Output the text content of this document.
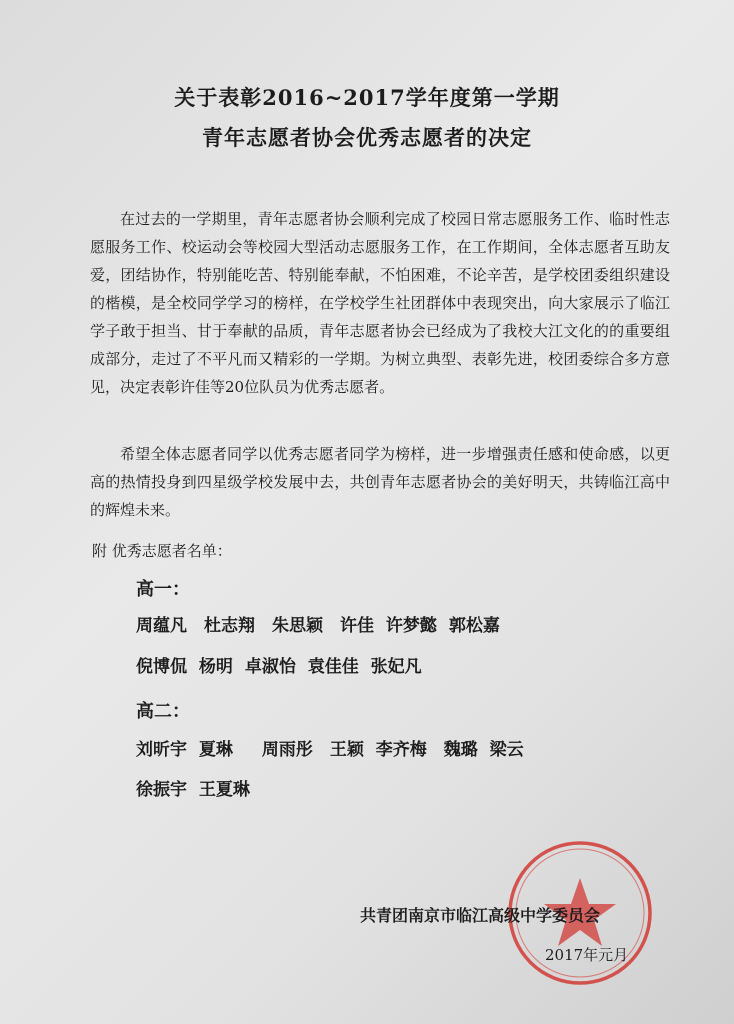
关于表彰2016~2017学年度第一学期
青年志愿者协会优秀志愿者的决定
在过去的一学期里，青年志愿者协会顺利完成了校园日常志愿服务工作、临时性志愿服务工作、校运动会等校园大型活动志愿服务工作，在工作期间，全体志愿者互助友爱，团结协作，特别能吃苦、特别能奉献，不怕困难，不论辛苦，是学校团委组织建设的楷模，是全校同学学习的榜样，在学校学生社团群体中表现突出，向大家展示了临江学子敢于担当、甘于奉献的品质，青年志愿者协会已经成为了我校大江文化的的重要组成部分，走过了不平凡而又精彩的一学期。为树立典型、表彰先进，校团委综合多方意见，决定表彰许佳等20位队员为优秀志愿者。
希望全体志愿者同学以优秀志愿者同学为榜样，进一步增强责任感和使命感，以更高的热情投身到四星级学校发展中去，共创青年志愿者协会的美好明天，共铸临江高中的辉煌未来。
附 优秀志愿者名单：
高一：
周蕴凡　杜志翔　朱思颖　许佳 许梦懿 郭松嘉
倪博侃 杨明 卓淑怡 袁佳佳 张妃凡
高二：
刘昕宇 夏琳　 周雨彤　王颖 李齐梅　魏璐 梁云
徐振宇 王夏琳
共青团南京市临江高级中学委员会
2017年元月
